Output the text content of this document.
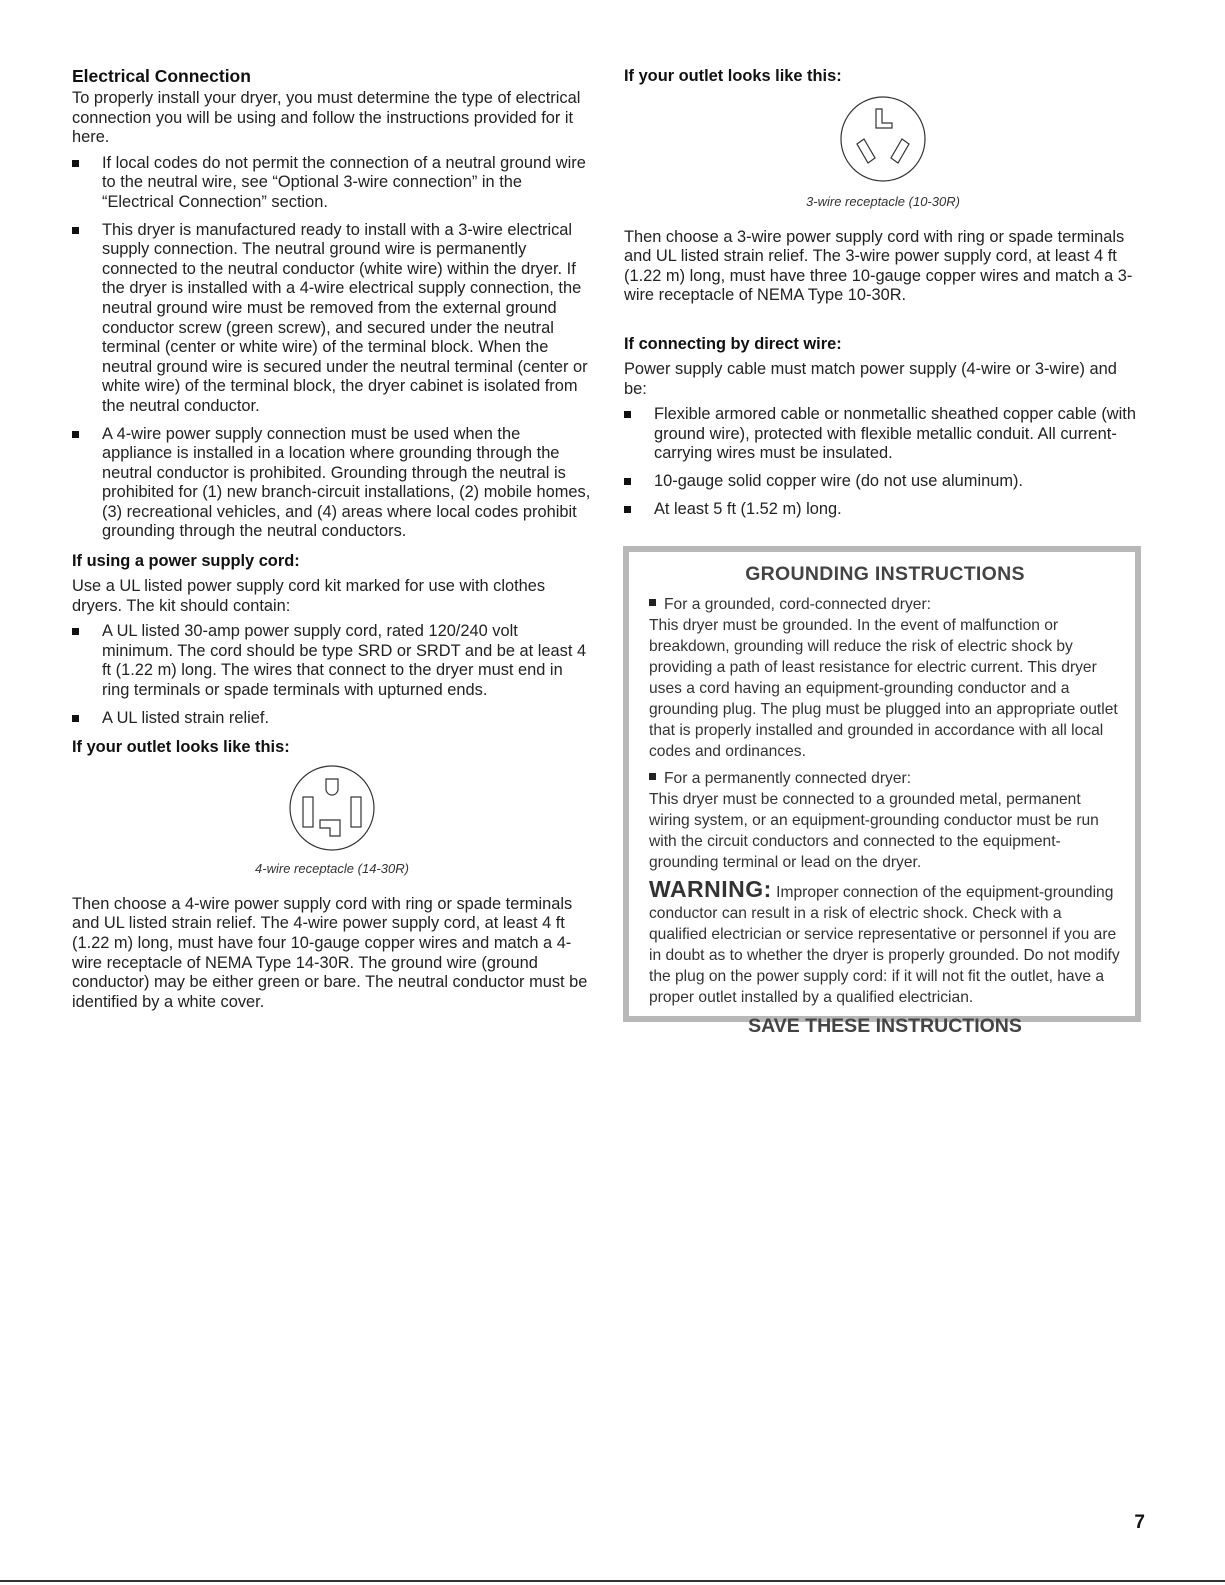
Electrical Connection

To properly install your dryer, you must determine the type of electrical connection you will be using and follow the instructions provided for it here.

If local codes do not permit the connection of a neutral ground wire to the neutral wire, see “Optional 3-wire connection” in the “Electrical Connection” section.
This dryer is manufactured ready to install with a 3-wire electrical supply connection. The neutral ground wire is permanently connected to the neutral conductor (white wire) within the dryer. If the dryer is installed with a 4-wire electrical supply connection, the neutral ground wire must be removed from the external ground conductor screw (green screw), and secured under the neutral terminal (center or white wire) of the terminal block. When the neutral ground wire is secured under the neutral terminal (center or white wire) of the terminal block, the dryer cabinet is isolated from the neutral conductor.
A 4-wire power supply connection must be used when the appliance is installed in a location where grounding through the neutral conductor is prohibited. Grounding through the neutral is prohibited for (1) new branch-circuit installations, (2) mobile homes, (3) recreational vehicles, and (4) areas where local codes prohibit grounding through the neutral conductors.
If using a power supply cord:

Use a UL listed power supply cord kit marked for use with clothes dryers. The kit should contain:

A UL listed 30-amp power supply cord, rated 120/240 volt minimum. The cord should be type SRD or SRDT and be at least 4 ft (1.22 m) long. The wires that connect to the dryer must end in ring terminals or spade terminals with upturned ends.
A UL listed strain relief.
If your outlet looks like this:
4-wire receptacle (14-30R)

Then choose a 4-wire power supply cord with ring or spade terminals and UL listed strain relief. The 4-wire power supply cord, at least 4 ft (1.22 m) long, must have four 10-gauge copper wires and match a 4-wire receptacle of NEMA Type 14-30R. The ground wire (ground conductor) may be either green or bare. The neutral conductor must be identified by a white cover.

If your outlet looks like this:
3-wire receptacle (10-30R)

Then choose a 3-wire power supply cord with ring or spade terminals and UL listed strain relief. The 3-wire power supply cord, at least 4 ft (1.22 m) long, must have three 10-gauge copper wires and match a 3-wire receptacle of NEMA Type 10-30R.

If connecting by direct wire:

Power supply cable must match power supply (4-wire or 3-wire) and be:

Flexible armored cable or nonmetallic sheathed copper cable (with ground wire), protected with flexible metallic conduit. All current-carrying wires must be insulated.
10-gauge solid copper wire (do not use aluminum).
At least 5 ft (1.52 m) long.
GROUNDING INSTRUCTIONS

For a grounded, cord-connected dryer:
This dryer must be grounded. In the event of malfunction or breakdown, grounding will reduce the risk of electric shock by providing a path of least resistance for electric current. This dryer uses a cord having an equipment-grounding conductor and a grounding plug. The plug must be plugged into an appropriate outlet that is properly installed and grounded in accordance with all local codes and ordinances.

For a permanently connected dryer:
This dryer must be connected to a grounded metal, permanent wiring system, or an equipment-grounding conductor must be run with the circuit conductors and connected to the equipment-grounding terminal or lead on the dryer.

WARNING: Improper connection of the equipment-grounding conductor can result in a risk of electric shock. Check with a qualified electrician or service representative or personnel if you are in doubt as to whether the dryer is properly grounded. Do not modify the plug on the power supply cord: if it will not fit the outlet, have a proper outlet installed by a qualified electrician.

SAVE THESE INSTRUCTIONS
7
